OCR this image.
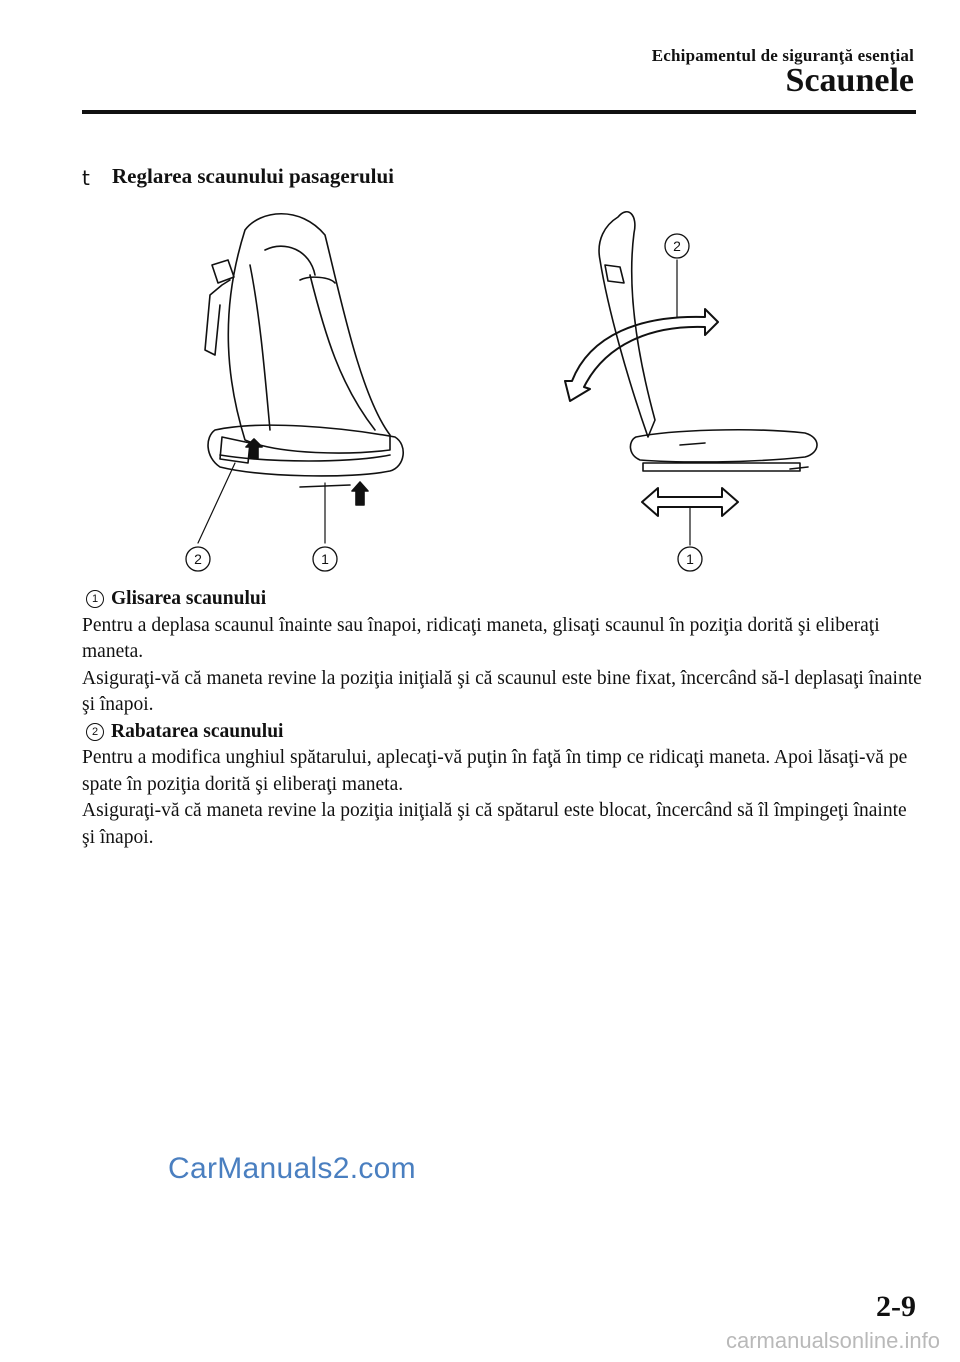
Echipamentul de siguranţă esenţial
Scaunele
t Reglarea scaunului pasagerului
2	1
2
1
1 Glisarea scaunului

Pentru a deplasa scaunul înainte sau înapoi, ridicaţi maneta, glisaţi scaunul în poziţia dorită şi eliberaţi maneta.

Asiguraţi-vă că maneta revine la poziţia iniţială şi că scaunul este bine fixat, încercând să-l deplasaţi înainte şi înapoi.

2 Rabatarea scaunului

Pentru a modifica unghiul spătarului, aplecaţi-vă puţin în faţă în timp ce ridicaţi maneta. Apoi lăsaţi-vă pe spate în poziţia dorită şi eliberaţi maneta.

Asiguraţi-vă că maneta revine la poziţia iniţială şi că spătarul este blocat, încercând să îl împingeţi înainte şi înapoi.

CarManuals2.com
2-9
carmanualsonline.info
